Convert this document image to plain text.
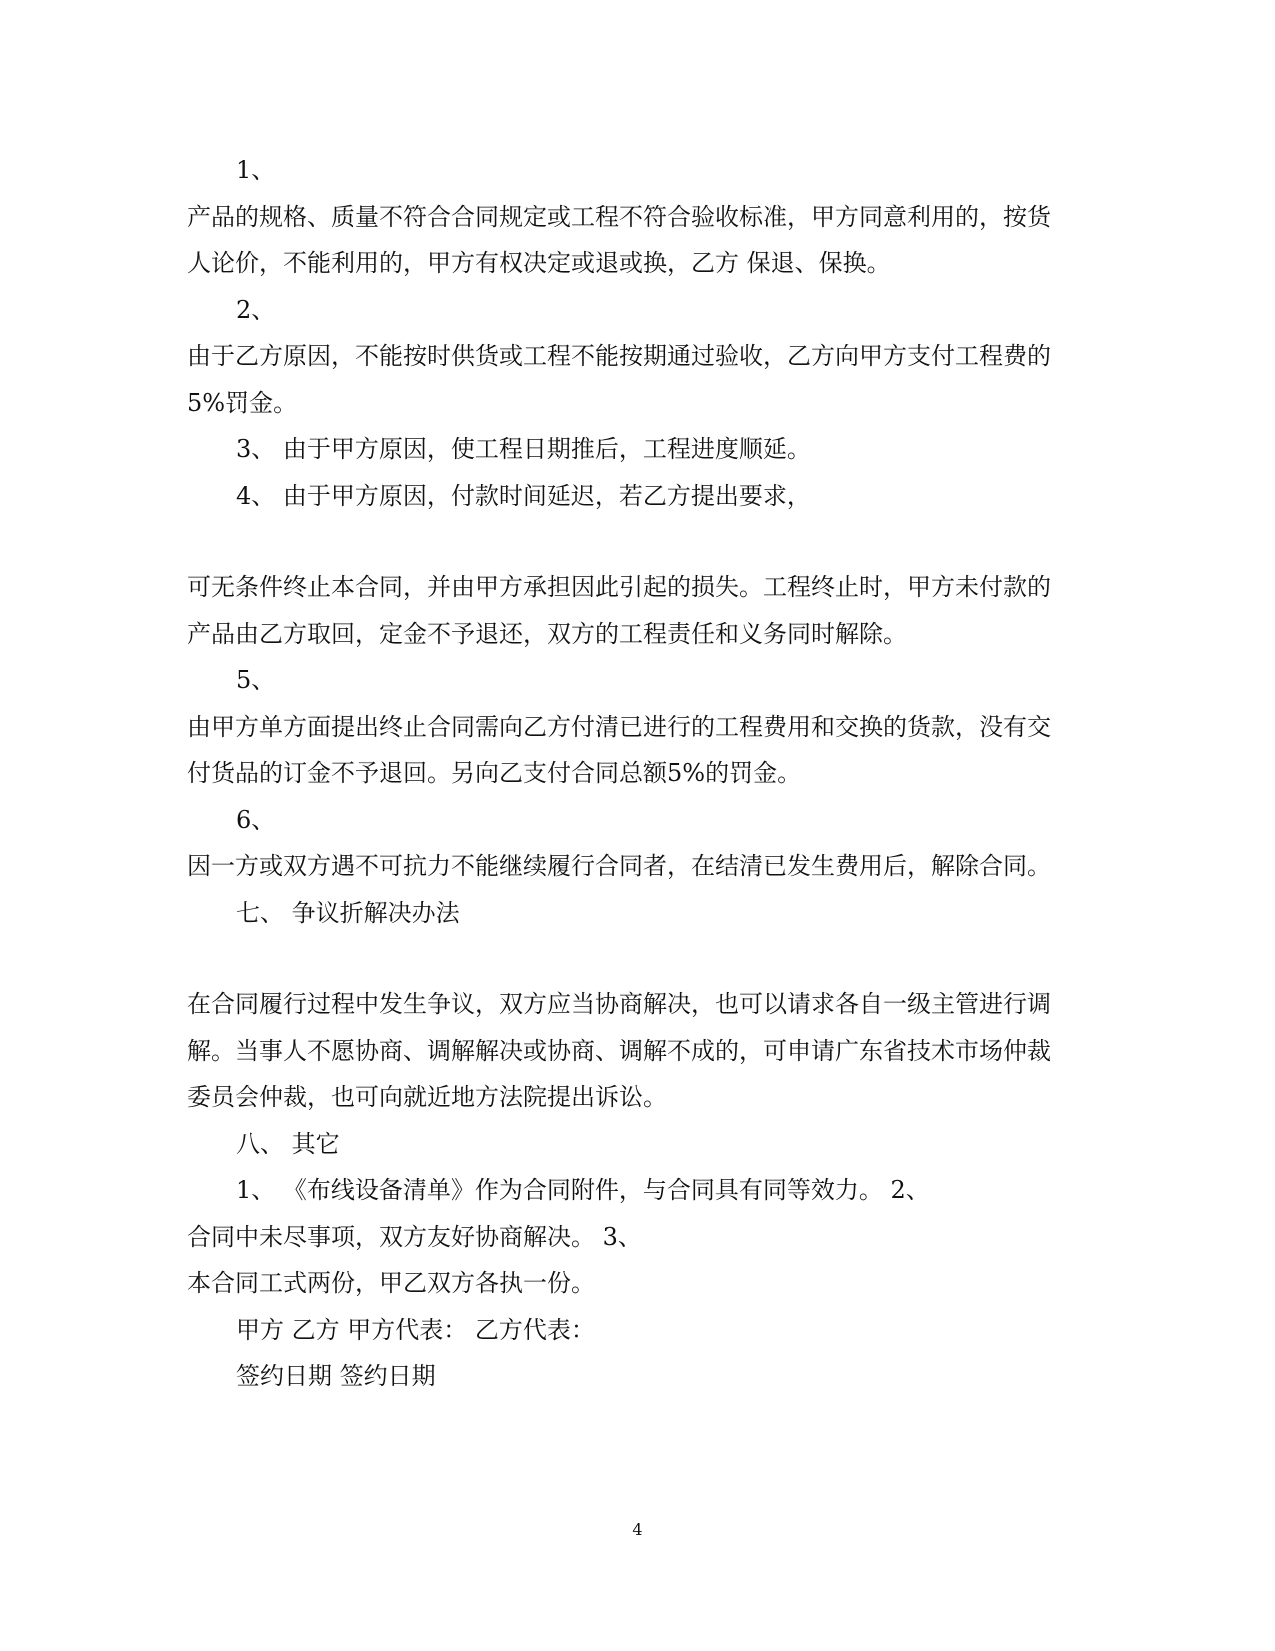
1、
产品的规格、质量不符合合同规定或工程不符合验收标准，甲方同意利用的，按货
人论价，不能利用的，甲方有权决定或退或换，乙方 保退、保换。
2、
由于乙方原因，不能按时供货或工程不能按期通过验收，乙方向甲方支付工程费的
5%罚金。
3、 由于甲方原因，使工程日期推后，工程进度顺延。
4、 由于甲方原因，付款时间延迟，若乙方提出要求，
可无条件终止本合同，并由甲方承担因此引起的损失。工程终止时，甲方未付款的
产品由乙方取回，定金不予退还，双方的工程责任和义务同时解除。
5、
由甲方单方面提出终止合同需向乙方付清已进行的工程费用和交换的货款，没有交
付货品的订金不予退回。另向乙支付合同总额5%的罚金。
6、
因一方或双方遇不可抗力不能继续履行合同者，在结清已发生费用后，解除合同。
七、 争议折解决办法
在合同履行过程中发生争议，双方应当协商解决，也可以请求各自一级主管进行调
解。当事人不愿协商、调解解决或协商、调解不成的，可申请广东省技术市场仲裁
委员会仲裁，也可向就近地方法院提出诉讼。
八、 其它
1、 《布线设备清单》作为合同附件，与合同具有同等效力。 2、
合同中未尽事项，双方友好协商解决。 3、
本合同工式两份，甲乙双方各执一份。
甲方 乙方 甲方代表： 乙方代表：
签约日期 签约日期
4
